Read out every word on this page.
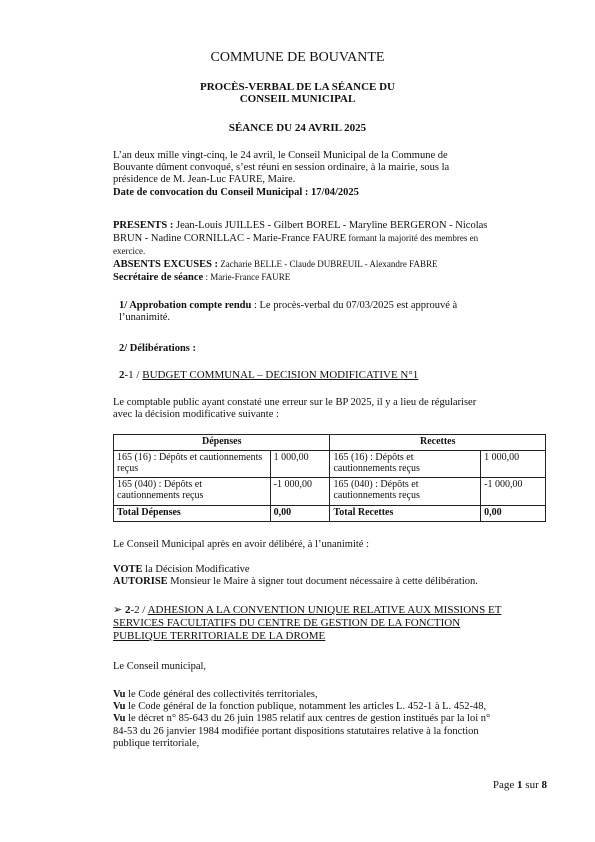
COMMUNE DE BOUVANTE
PROCÈS-VERBAL DE LA SÉANCE DU
CONSEIL MUNICIPAL
SÉANCE DU 24 AVRIL 2025
L’an deux mille vingt-cinq, le 24 avril, le Conseil Municipal de la Commune de
Bouvante dûment convoqué, s’est réuni en session ordinaire, à la mairie, sous la
présidence de M. Jean-Luc FAURE, Maire.
Date de convocation du Conseil Municipal : 17/04/2025
PRESENTS : Jean-Louis JUILLES - Gilbert BOREL - Maryline BERGERON - Nicolas
BRUN - Nadine CORNILLAC - Marie-France FAURE formant la majorité des membres en
exercice.
ABSENTS EXCUSES : Zacharie BELLE - Claude DUBREUIL - Alexandre FABRE
Secrétaire de séance : Marie-France FAURE
1/ Approbation compte rendu : Le procès-verbal du 07/03/2025 est approuvé à
l’unanimité.
2/ Délibérations :
2-1 / BUDGET COMMUNAL – DECISION MODIFICATIVE N°1
Le comptable public ayant constaté une erreur sur le BP 2025, il y a lieu de régulariser
avec la décision modificative suivante :
Dépenses		Recettes	
165 (16) : Dépôts et cautionnements reçus	1 000,00	165 (16) : Dépôts et cautionnements reçus	1 000,00
165 (040) : Dépôts et cautionnements reçus	-1 000,00	165 (040) : Dépôts et cautionnements reçus	-1 000,00
Total Dépenses	0,00	Total Recettes	0,00
Le Conseil Municipal après en avoir délibéré, à l’unanimité :
VOTE la Décision Modificative
AUTORISE Monsieur le Maire à signer tout document nécessaire à cette délibération.
➢ 2-2 / ADHESION A LA CONVENTION UNIQUE RELATIVE AUX MISSIONS ET
SERVICES FACULTATIFS DU CENTRE DE GESTION DE LA FONCTION
PUBLIQUE TERRITORIALE DE LA DROME
Le Conseil municipal,
Vu le Code général des collectivités territoriales,
Vu le Code général de la fonction publique, notamment les articles L. 452-1 à L. 452-48,
Vu le décret n° 85-643 du 26 juin 1985 relatif aux centres de gestion institués par la loi n°
84-53 du 26 janvier 1984 modifiée portant dispositions statutaires relative à la fonction
publique territoriale,
Page 1 sur 8
